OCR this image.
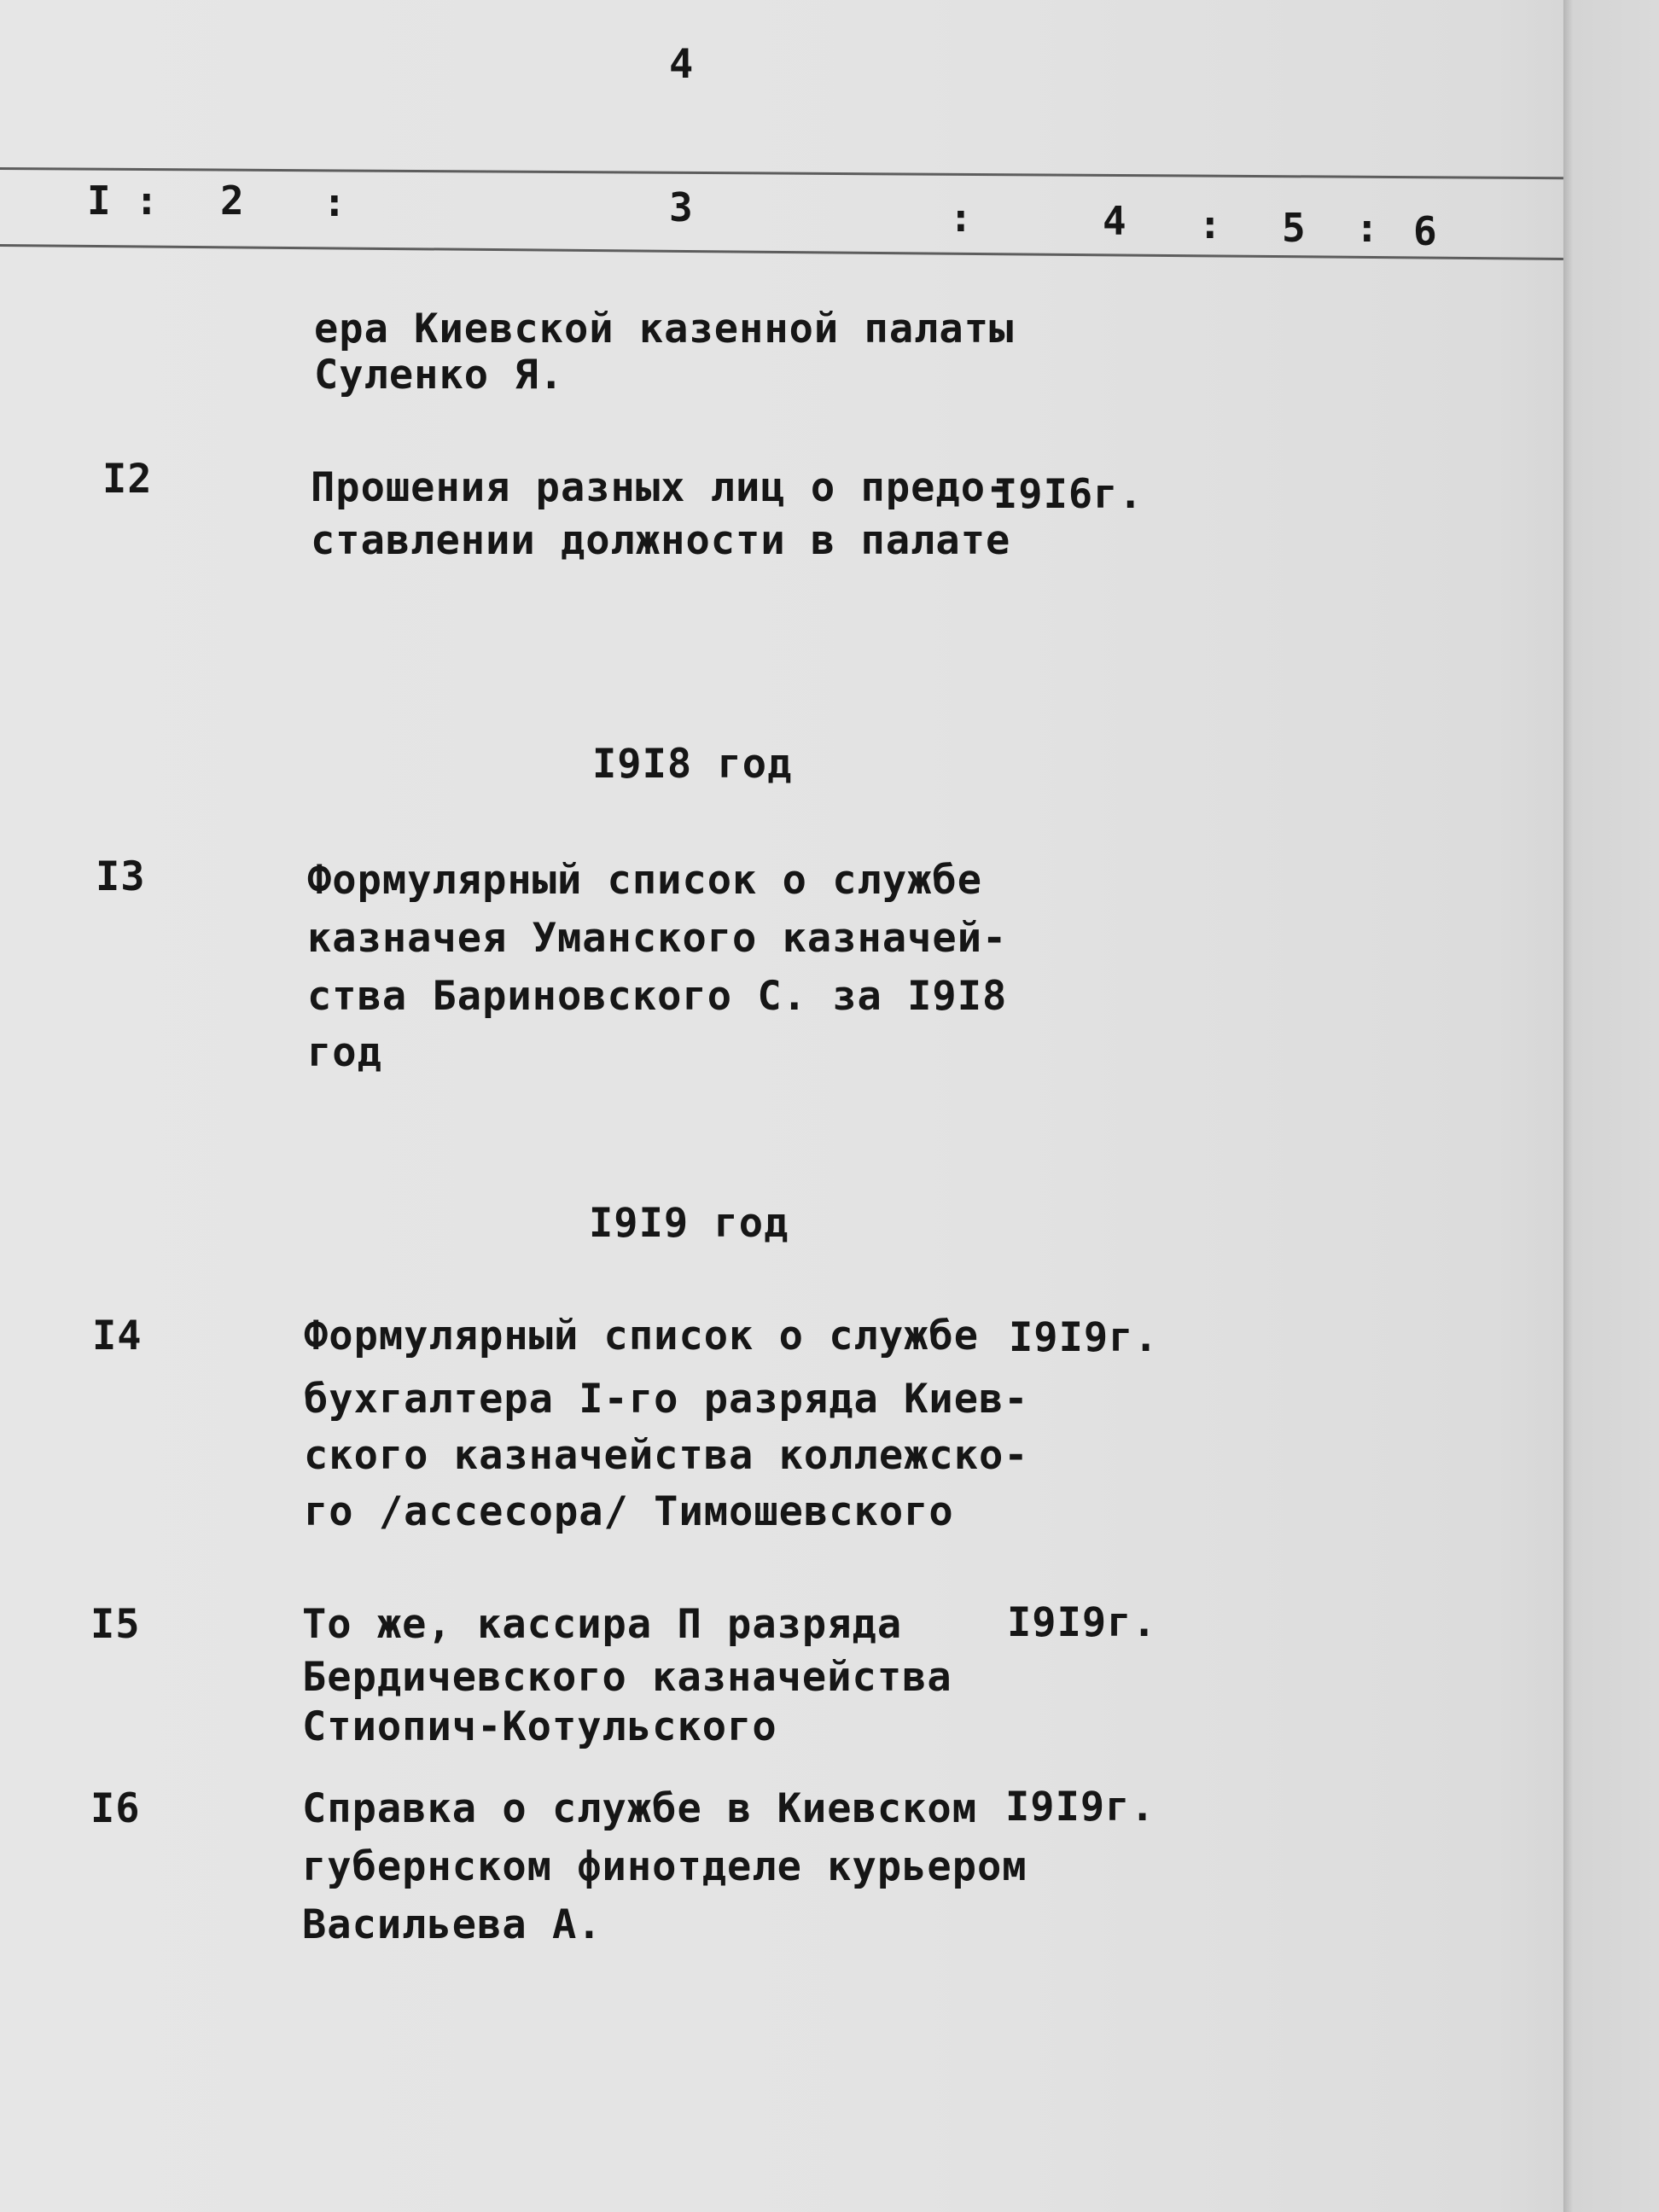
4
I : 2 :	3	:	4 : 5 : 6
ера Киевской казенной палаты
Суленко Я.
I2	Прошения разных лиц о предо-
ставлении должности в палате
I9I6г.
I9I8 год
I3	Формулярный список о службе
казначея Уманского казначей-
ства Бариновского С. за I9I8
год
I9I9 год
I4	Формулярный список о службе
бухгалтера I-го разряда Киев-
ского казначейства коллежско-
го /ассесора/ Тимошевского
I9I9г.
I5	То же, кассира П разряда
Бердичевского казначейства
Стиопич-Котульского
I9I9г.
I6	Справка о службе в Киевском
губернском финотделе курьером
Васильева А.
I9I9г.
